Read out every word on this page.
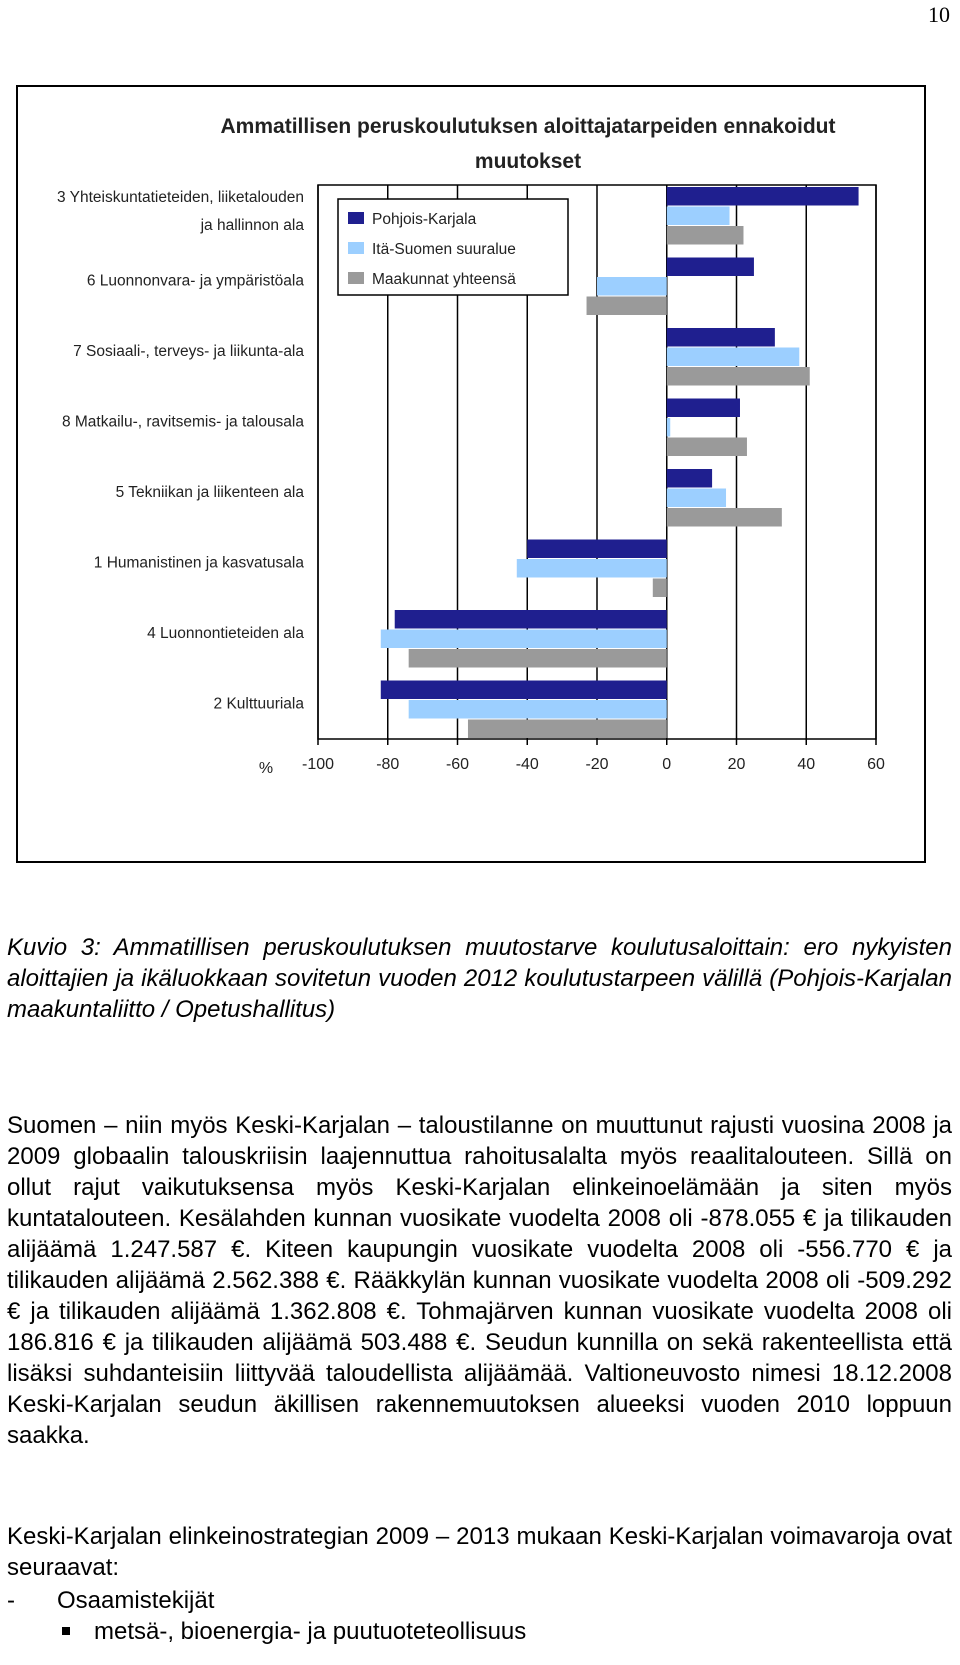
10
Ammatillisen peruskoulutuksen aloittajatarpeiden ennakoidut muutokset
-100	-80	-60	-40	-20	0	20	40	60
%
3 Yhteiskuntatieteiden, liiketalouden ja hallinnon ala
6 Luonnonvara- ja ympäristöala
7 Sosiaali-, terveys- ja liikunta-ala
8 Matkailu-, ravitsemis- ja talousala
5 Tekniikan ja liikenteen ala
1 Humanistinen ja kasvatusala
4 Luonnontieteiden ala
2 Kulttuuriala
Pohjois-Karjala
Itä-Suomen suuralue
Maakunnat yhteensä
Kuvio 3: Ammatillisen peruskoulutuksen muutostarve koulutusaloittain: ero nykyisten aloittajien ja ikäluokkaan sovitetun vuoden 2012 koulutustarpeen välillä (Pohjois-Karjalan maakuntaliitto / Opetushallitus)
Suomen – niin myös Keski-Karjalan – taloustilanne on muuttunut rajusti vuosina 2008 ja 2009 globaalin talouskriisin laajennuttua rahoitusalalta myös reaalitalouteen. Sillä on ollut rajut vaikutuksensa myös Keski-Karjalan elinkeinoelämään ja siten myös kuntatalouteen. Kesälahden kunnan vuosikate vuodelta 2008 oli -878.055 € ja tilikauden alijäämä 1.247.587 €. Kiteen kaupungin vuosikate vuodelta 2008 oli -556.770 € ja tilikauden alijäämä 2.562.388 €. Rääkkylän kunnan vuosikate vuodelta 2008 oli -509.292 € ja tilikauden alijäämä 1.362.808 €. Tohmajärven kunnan vuosikate vuodelta 2008 oli 186.816 € ja tilikauden alijäämä 503.488 €. Seudun kunnilla on sekä rakenteellista että lisäksi suhdanteisiin liittyvää taloudellista alijäämää. Valtioneuvosto nimesi 18.12.2008 Keski-Karjalan seudun äkillisen rakennemuutoksen alueeksi vuoden 2010 loppuun saakka.
Keski-Karjalan elinkeinostrategian 2009 – 2013 mukaan Keski-Karjalan voimavaroja ovat seuraavat:
- Osaamistekijät
metsä-, bioenergia- ja puutuoteteollisuus
